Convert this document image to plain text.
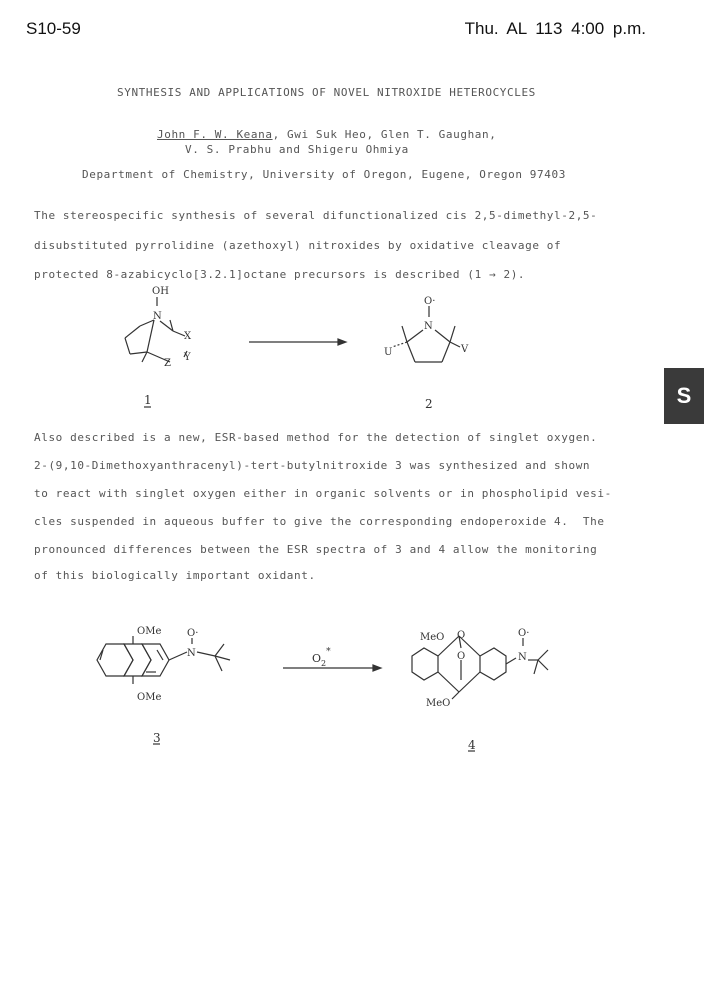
S10-59	Thu. AL 113 4:00 p.m.
SYNTHESIS AND APPLICATIONS OF NOVEL NITROXIDE HETEROCYCLES
John F. W. Keana, Gwi Suk Heo, Glen T. Gaughan,
V. S. Prabhu and Shigeru Ohmiya
Department of Chemistry, University of Oregon, Eugene, Oregon 97403
The stereospecific synthesis of several difunctionalized cis 2,5-dimethyl-2,5-
disubstituted pyrrolidine (azethoxyl) nitroxides by oxidative cleavage of
protected 8-azabicyclo[3.2.1]octane precursors is described (1 → 2).
Also described is a new, ESR-based method for the detection of singlet oxygen.
2-(9,10-Dimethoxyanthracenyl)-tert-butylnitroxide 3 was synthesized and shown
to react with singlet oxygen either in organic solvents or in phospholipid vesi-
cles suspended in aqueous buffer to give the corresponding endoperoxide 4.  The
pronounced differences between the ESR spectra of 3 and 4 allow the monitoring
of this biologically important oxidant.
S
OH
N
X
Y
Z
O·
N
U	V
1	2
OMe
OMe
O·
N	$O_2^*$
MeO O
O
MeO
O·
N
3	4
